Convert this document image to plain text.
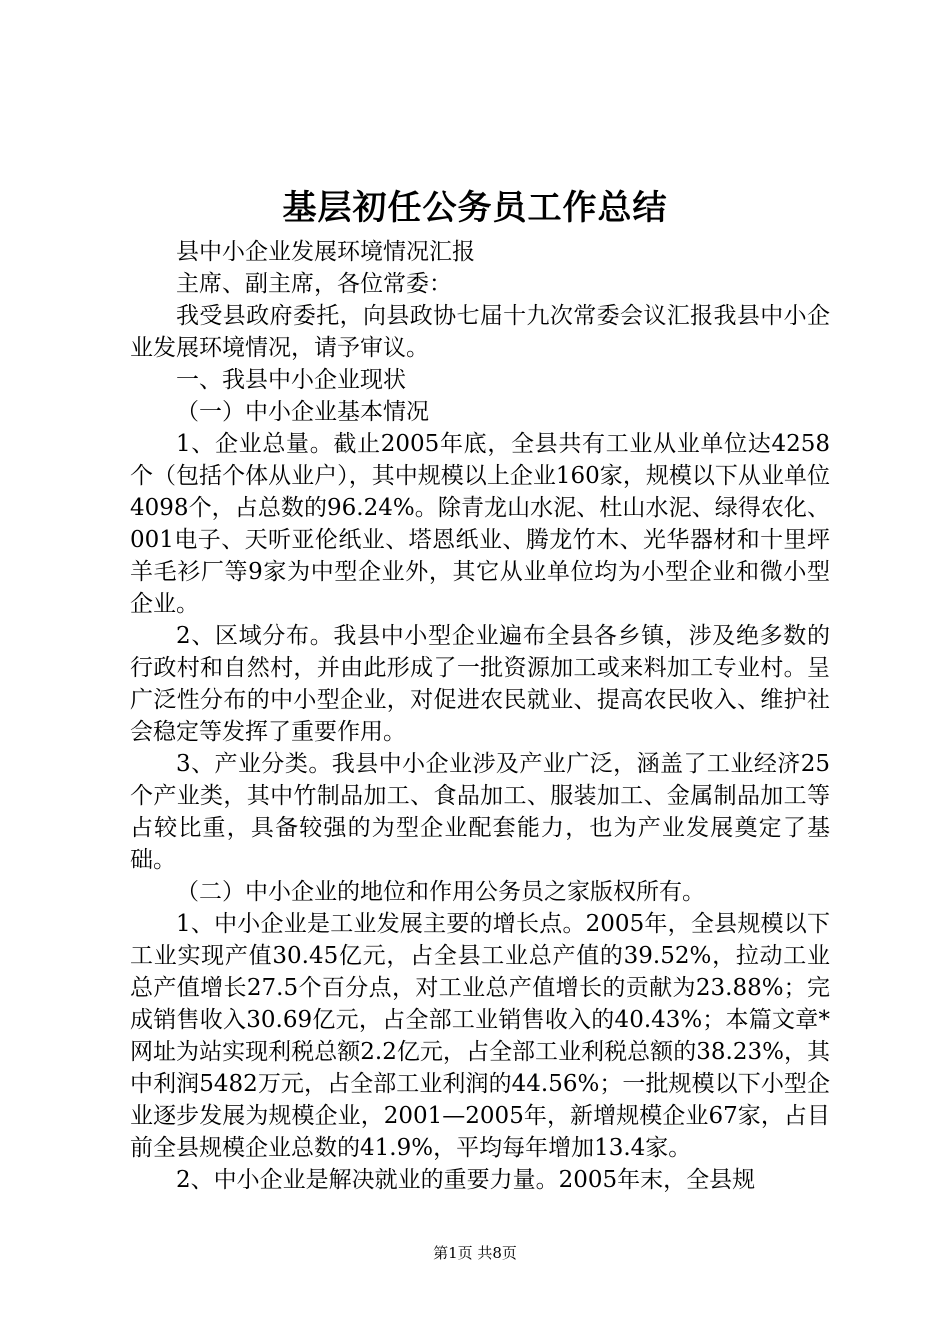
基层初任公务员工作总结

县中小企业发展环境情况汇报

主席、副主席，各位常委：

我受县政府委托，向县政协七届十九次常委会议汇报我县中小企业发展环境情况，请予审议。

一、我县中小企业现状

（一）中小企业基本情况

1、企业总量。截止2005年底，全县共有工业从业单位达4258个（包括个体从业户），其中规模以上企业160家，规模以下从业单位4098个，占总数的96.24%。除青龙山水泥、杜山水泥、绿得农化、001电子、天听亚伦纸业、塔恩纸业、腾龙竹木、光华器材和十里坪羊毛衫厂等9家为中型企业外，其它从业单位均为小型企业和微小型企业。

2、区域分布。我县中小型企业遍布全县各乡镇，涉及绝多数的行政村和自然村，并由此形成了一批资源加工或来料加工专业村。呈广泛性分布的中小型企业，对促进农民就业、提高农民收入、维护社会稳定等发挥了重要作用。

3、产业分类。我县中小企业涉及产业广泛，涵盖了工业经济25个产业类，其中竹制品加工、食品加工、服装加工、金属制品加工等占较比重，具备较强的为型企业配套能力，也为产业发展奠定了基础。

（二）中小企业的地位和作用公务员之家版权所有。

1、中小企业是工业发展主要的增长点。2005年，全县规模以下工业实现产值30.45亿元，占全县工业总产值的39.52%，拉动工业总产值增长27.5个百分点，对工业总产值增长的贡献为23.88%；完成销售收入30.69亿元，占全部工业销售收入的40.43%；本篇文章*网址为站实现利税总额2.2亿元，占全部工业利税总额的38.23%，其中利润5482万元，占全部工业利润的44.56%；一批规模以下小型企业逐步发展为规模企业，2001—2005年，新增规模企业67家，占目前全县规模企业总数的41.9%，平均每年增加13.4家。

2、中小企业是解决就业的重要力量。2005年末，全县规

第1页 共8页
